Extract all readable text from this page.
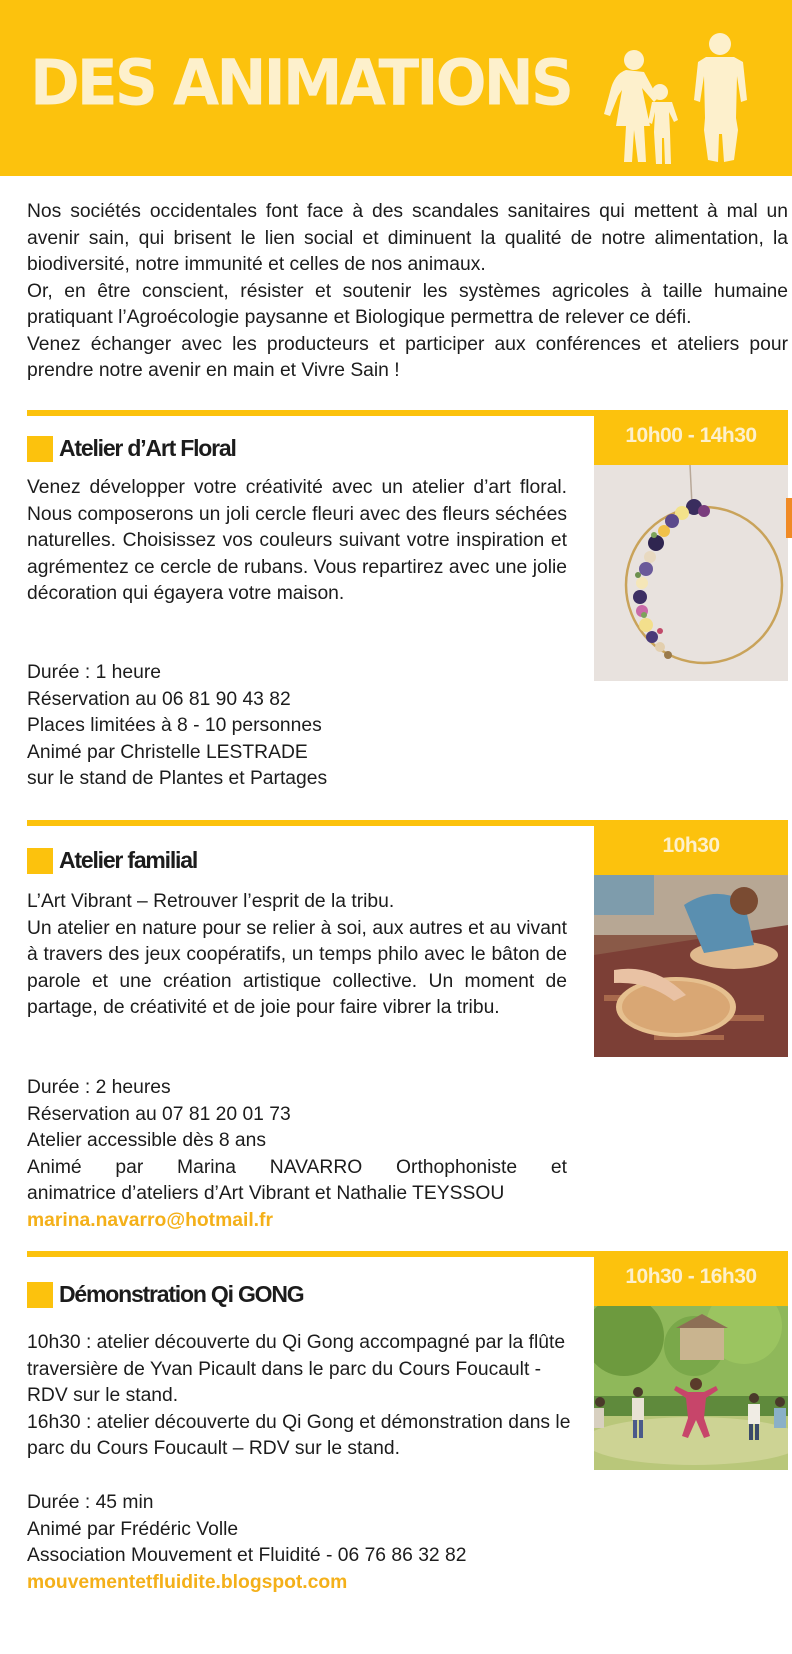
DES ANIMATIONS

Nos sociétés occidentales font face à des scandales sanitaires qui mettent à mal un avenir sain, qui brisent le lien social et diminuent la qualité de notre alimentation, la biodiversité, notre immunité et celles de nos animaux.

Or, en être conscient, résister et soutenir les systèmes agricoles à taille humaine pratiquant l’Agroécologie paysanne et Biologique permettra de relever ce défi.

Venez échanger avec les producteurs et participer aux conférences et ateliers pour prendre notre avenir en main et Vivre Sain !

10h00 - 14h30
Atelier d’Art Floral

Venez développer votre créativité avec un atelier d’art floral. Nous composerons un joli cercle fleuri avec des fleurs séchées naturelles. Choisissez vos couleurs suivant votre inspiration et agrémentez ce cercle de rubans. Vous repartirez avec une jolie décoration qui égayera votre maison.

Durée : 1 heure

Réservation au 06 81 90 43 82

Places limitées à 8 - 10 personnes

Animé par Christelle LESTRADE

sur le stand de Plantes et Partages

10h30
Atelier familial

L’Art Vibrant – Retrouver l’esprit de la tribu.

Un atelier en nature pour se relier à soi, aux autres et au vivant à travers des jeux coopératifs, un temps philo avec le bâton de parole et une création artistique collective. Un moment de partage, de créativité et de joie pour faire vibrer la tribu.

Durée : 2 heures

Réservation au 07 81 20 01 73

Atelier accessible dès 8 ans

Animé par Marina NAVARRO Orthophoniste et

animatrice d’ateliers d’Art Vibrant et Nathalie TEYSSOU

marina.navarro@hotmail.fr

10h30 - 16h30
Démonstration Qi GONG

10h30 : atelier découverte du Qi Gong accompagné par la flûte traversière de Yvan Picault dans le parc du Cours Foucault - RDV sur le stand.

16h30 : atelier découverte du Qi Gong et démonstration dans le parc du Cours Foucault – RDV sur le stand.

Durée : 45 min

Animé par Frédéric Volle

Association Mouvement et Fluidité - 06 76 86 32 82

mouvementetfluidite.blogspot.com
